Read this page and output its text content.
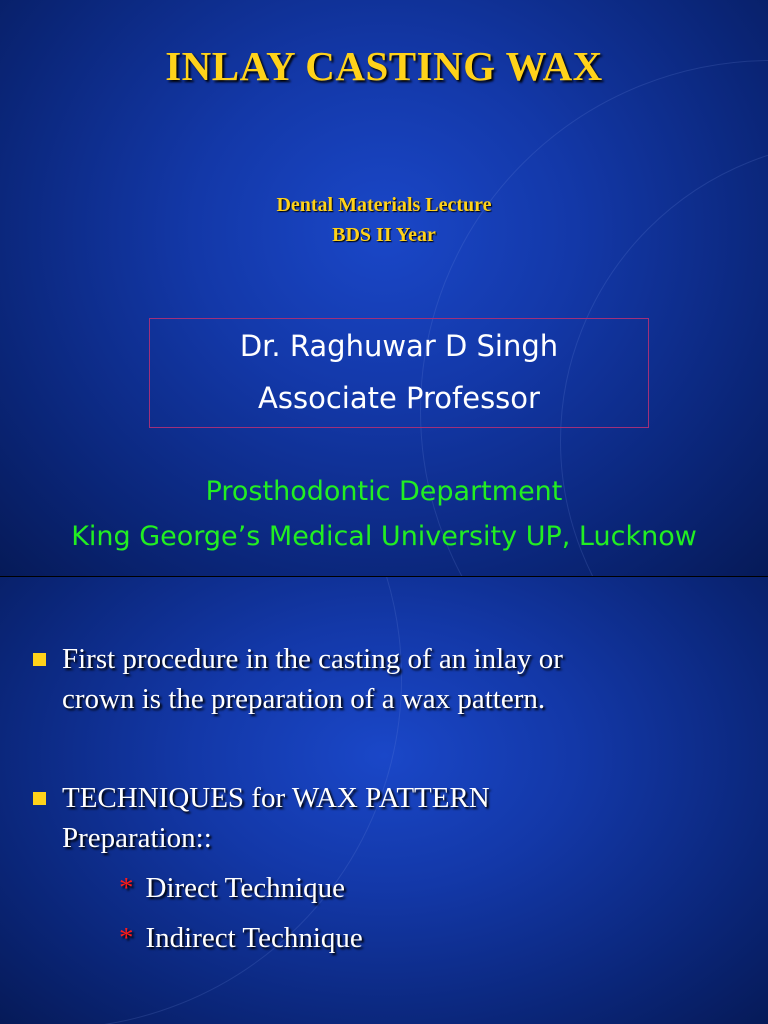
INLAY CASTING WAX
Dental Materials Lecture
BDS II Year
Dr. Raghuwar D Singh
Associate Professor
Prosthodontic Department
King George’s Medical University UP, Lucknow
First procedure in the casting of an inlay or
crown is the preparation of a wax pattern.
TECHNIQUES for WAX PATTERN
Preparation::
* Direct Technique
* Indirect Technique
